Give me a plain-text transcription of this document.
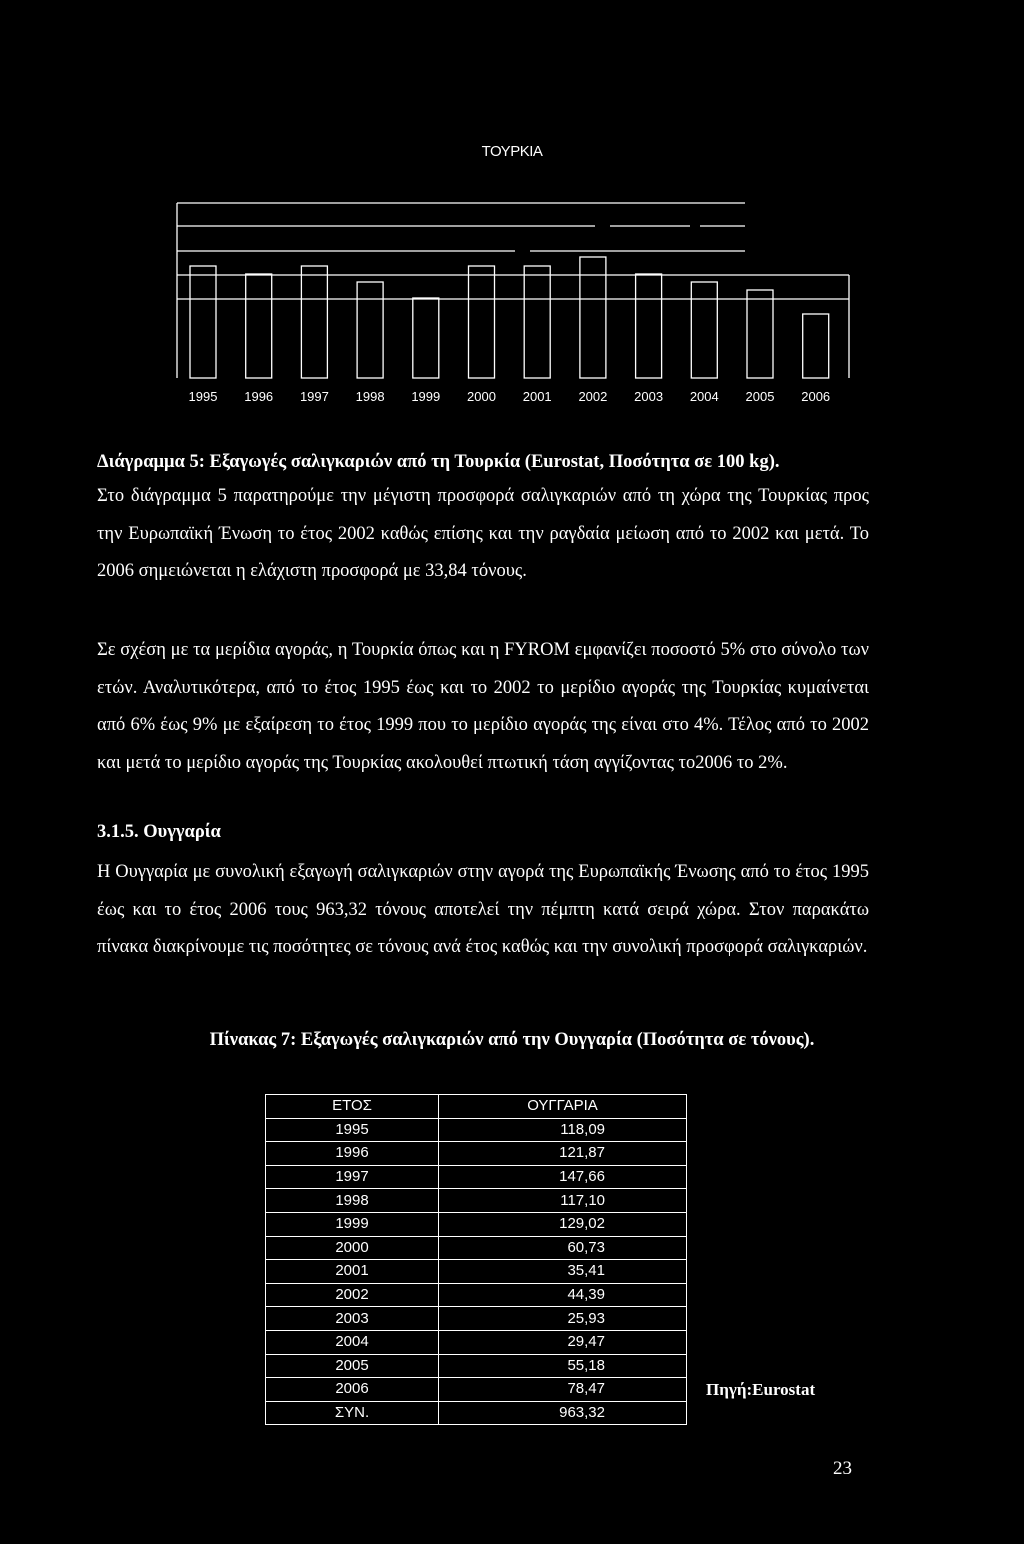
ΤΟΥΡΚΙΑ
1995 1996 1997 1998 1999 2000 2001 2002 2003 2004 2005 2006
Διάγραμμα 5: Εξαγωγές σαλιγκαριών από τη Τουρκία (Eurostat, Ποσότητα σε 100 kg).

Στο διάγραμμα 5 παρατηρούμε την μέγιστη προσφορά σαλιγκαριών από τη χώρα της Τουρκίας προς την Ευρωπαϊκή Ένωση το έτος 2002 καθώς επίσης και την ραγδαία μείωση από το 2002 και μετά. Το 2006 σημειώνεται η ελάχιστη προσφορά με 33,84 τόνους.

Σε σχέση με τα μερίδια αγοράς, η Τουρκία όπως και η FYROM εμφανίζει ποσοστό 5% στο σύνολο των ετών. Αναλυτικότερα, από το έτος 1995 έως και το 2002 το μερίδιο αγοράς της Τουρκίας κυμαίνεται από 6% έως 9% με εξαίρεση το έτος 1999 που το μερίδιο αγοράς της είναι στο 4%. Τέλος από το 2002 και μετά το μερίδιο αγοράς της Τουρκίας ακολουθεί πτωτική τάση αγγίζοντας το2006 το 2%.

3.1.5. Ουγγαρία

Η Ουγγαρία με συνολική εξαγωγή σαλιγκαριών στην αγορά της Ευρωπαϊκής Ένωσης από το έτος 1995 έως και το έτος 2006 τους 963,32 τόνους αποτελεί την πέμπτη κατά σειρά χώρα. Στον παρακάτω πίνακα διακρίνουμε τις ποσότητες σε τόνους ανά έτος καθώς και την συνολική προσφορά σαλιγκαριών.

Πίνακας 7: Εξαγωγές σαλιγκαριών από την Ουγγαρία (Ποσότητα σε τόνους).
ΕΤΟΣ	ΟΥΓΓΑΡΙΑ
1995	118,09
1996	121,87
1997	147,66
1998	117,10
1999	129,02
2000	60,73
2001	35,41
2002	44,39
2003	25,93
2004	29,47
2005	55,18
2006	78,47
ΣΥΝ.	963,32
Πηγή:Eurostat
23
